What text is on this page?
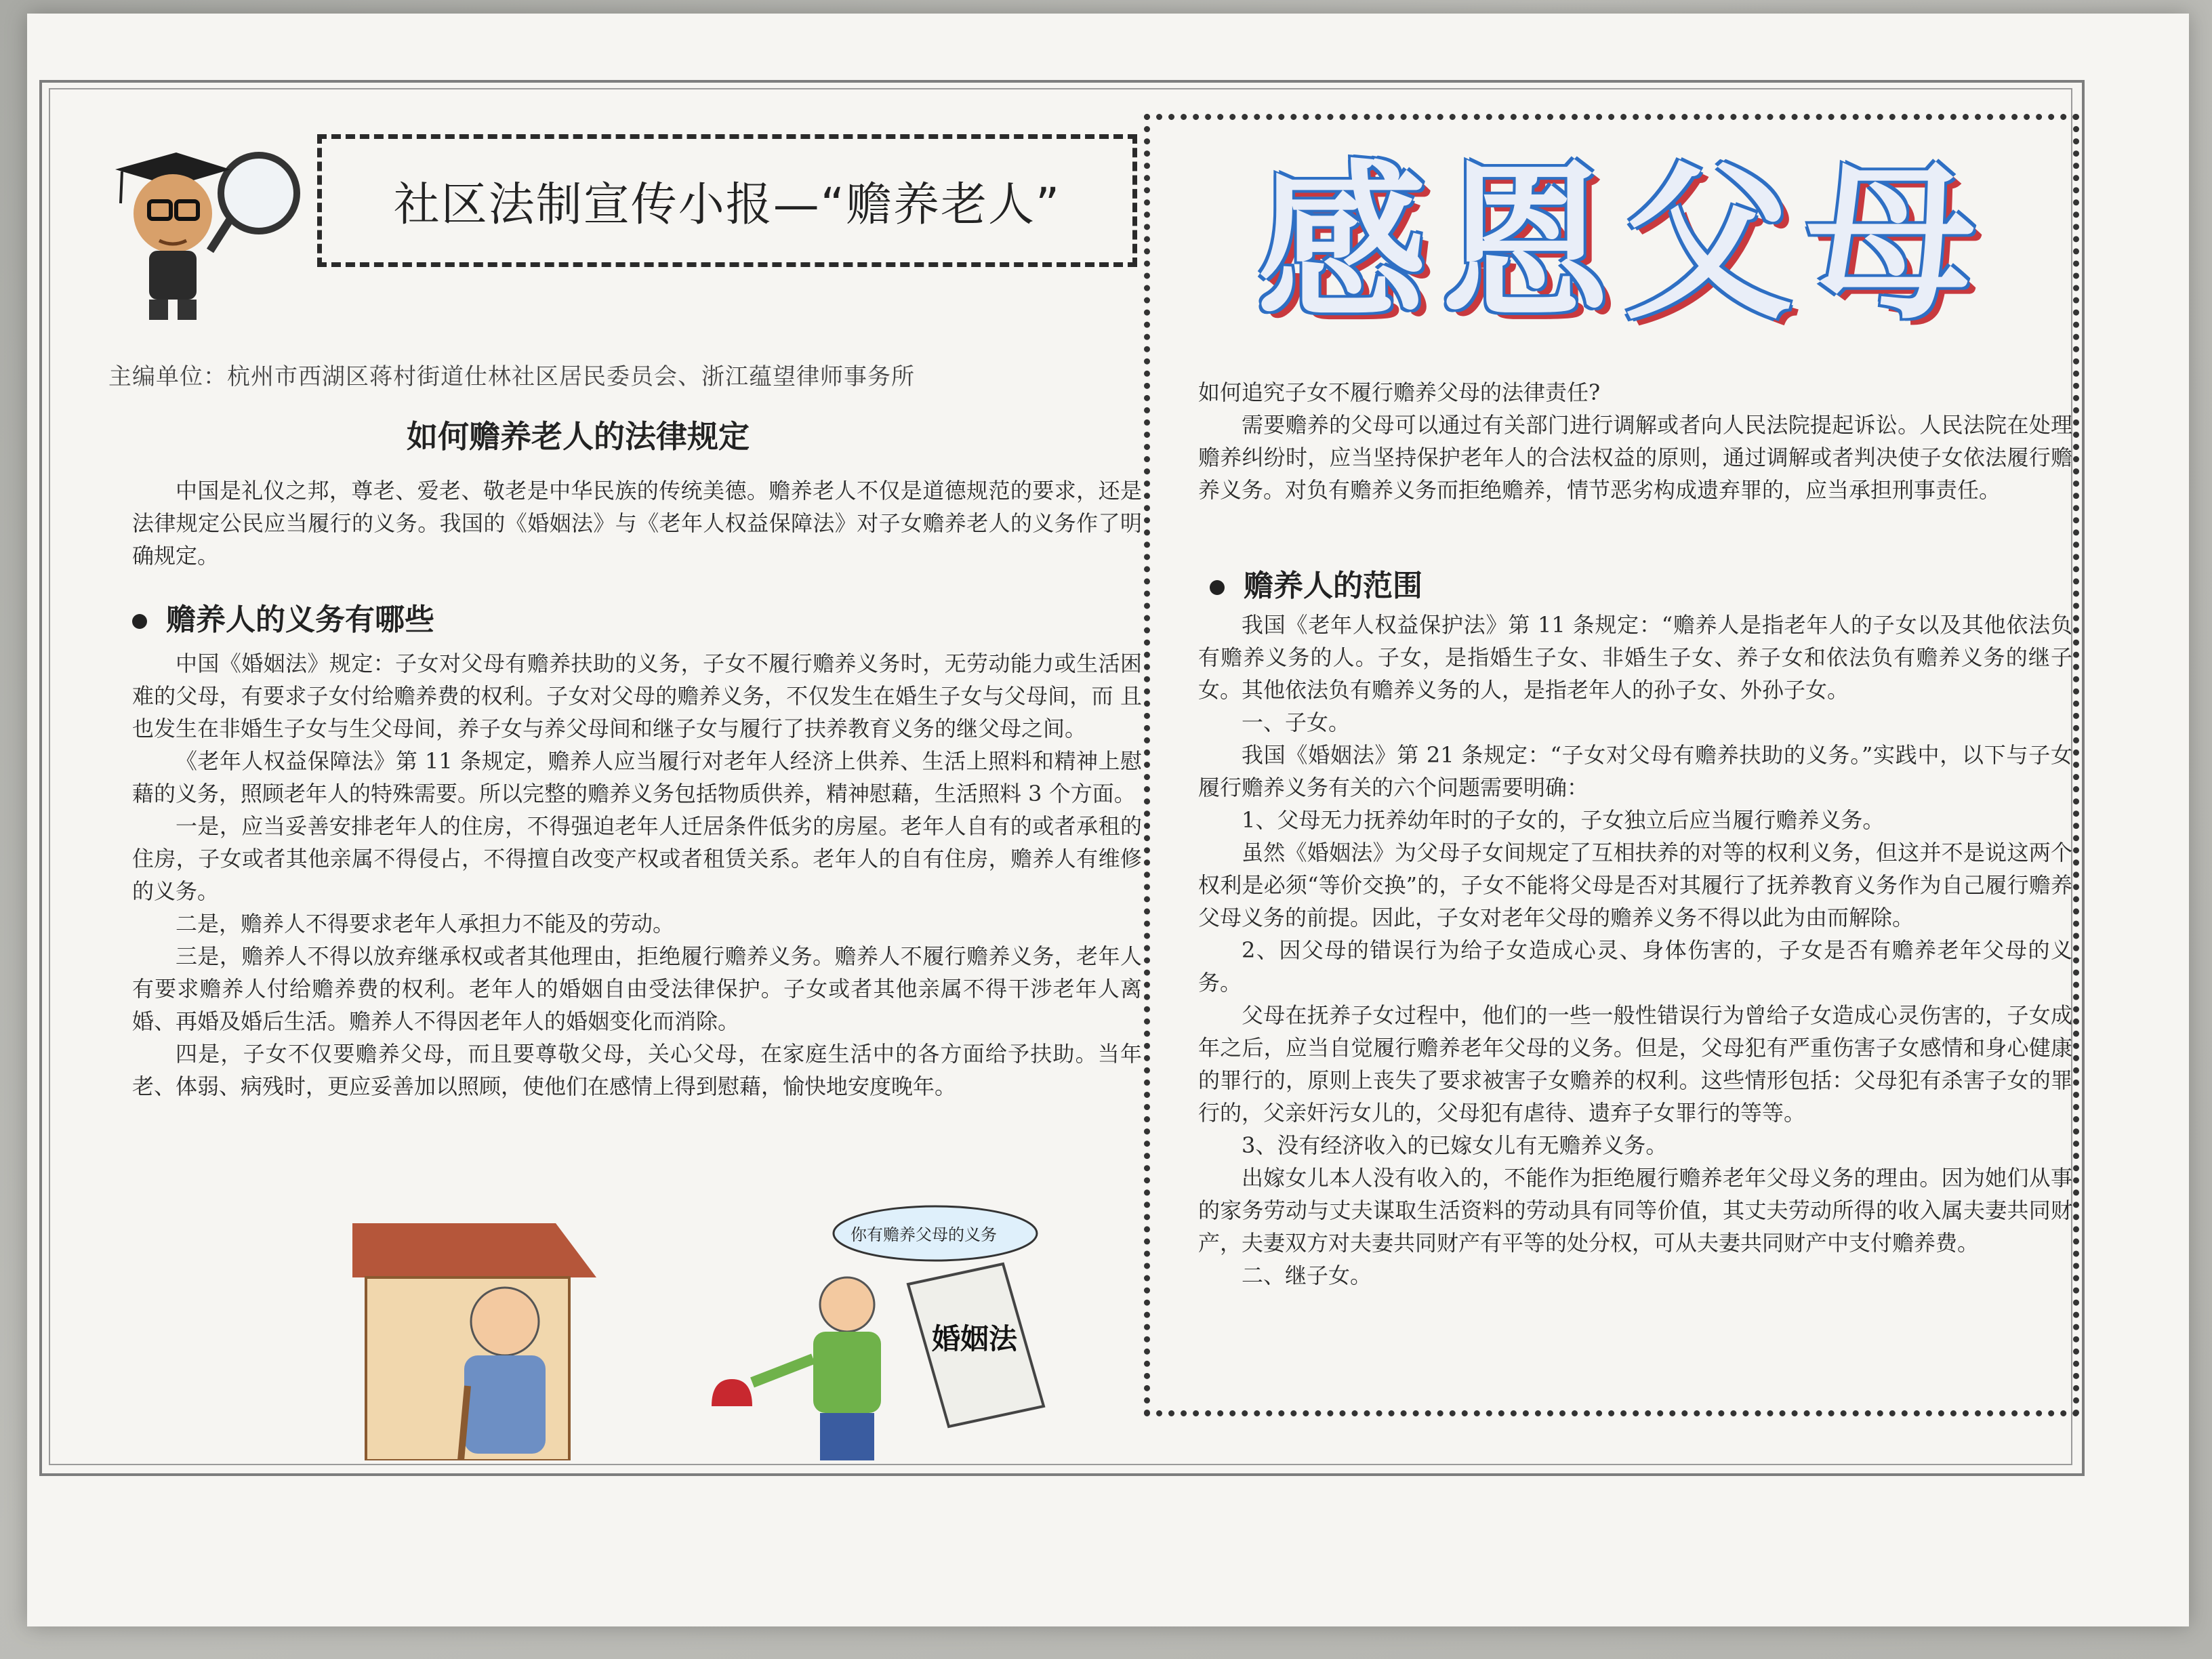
社区法制宣传小报—“赡养老人” 感恩父母
主编单位：杭州市西湖区蒋村街道仕林社区居民委员会、浙江蕴望律师事务所
如何赡养老人的法律规定

中国是礼仪之邦，尊老、爱老、敬老是中华民族的传统美德。赡养老人不仅是道德规范的要求，还是法律规定公民应当履行的义务。我国的《婚姻法》与《老年人权益保障法》对子女赡养老人的义务作了明确规定。

赡养人的义务有哪些

中国《婚姻法》规定：子女对父母有赡养扶助的义务，子女不履行赡养义务时，无劳动能力或生活困难的父母，有要求子女付给赡养费的权利。子女对父母的赡养义务，不仅发生在婚生子女与父母间，而 且也发生在非婚生子女与生父母间，养子女与养父母间和继子女与履行了扶养教育义务的继父母之间。

《老年人权益保障法》第 11 条规定，赡养人应当履行对老年人经济上供养、生活上照料和精神上慰藉的义务，照顾老年人的特殊需要。所以完整的赡养义务包括物质供养，精神慰藉，生活照料 3 个方面。

一是，应当妥善安排老年人的住房，不得强迫老年人迁居条件低劣的房屋。老年人自有的或者承租的住房，子女或者其他亲属不得侵占，不得擅自改变产权或者租赁关系。老年人的自有住房，赡养人有维修的义务。

二是，赡养人不得要求老年人承担力不能及的劳动。

三是，赡养人不得以放弃继承权或者其他理由，拒绝履行赡养义务。赡养人不履行赡养义务，老年人有要求赡养人付给赡养费的权利。老年人的婚姻自由受法律保护。子女或者其他亲属不得干涉老年人离婚、再婚及婚后生活。赡养人不得因老年人的婚姻变化而消除。

四是，子女不仅要赡养父母，而且要尊敬父母，关心父母，在家庭生活中的各方面给予扶助。当年老、体弱、病残时，更应妥善加以照顾，使他们在感情上得到慰藉，愉快地安度晚年。

婚姻法
你有赡养父母的义务

如何追究子女不履行赡养父母的法律责任?

需要赡养的父母可以通过有关部门进行调解或者向人民法院提起诉讼。人民法院在处理赡养纠纷时，应当坚持保护老年人的合法权益的原则，通过调解或者判决使子女依法履行赡养义务。对负有赡养义务而拒绝赡养，情节恶劣构成遗弃罪的，应当承担刑事责任。

赡养人的范围

我国《老年人权益保护法》第 11 条规定：“赡养人是指老年人的子女以及其他依法负有赡养义务的人。子女，是指婚生子女、非婚生子女、养子女和依法负有赡养义务的继子女。其他依法负有赡养义务的人，是指老年人的孙子女、外孙子女。

一、子女。

我国《婚姻法》第 21 条规定：“子女对父母有赡养扶助的义务。”实践中，以下与子女履行赡养义务有关的六个问题需要明确：

1、父母无力抚养幼年时的子女的，子女独立后应当履行赡养义务。

虽然《婚姻法》为父母子女间规定了互相扶养的对等的权利义务，但这并不是说这两个权利是必须“等价交换”的，子女不能将父母是否对其履行了抚养教育义务作为自己履行赡养父母义务的前提。因此，子女对老年父母的赡养义务不得以此为由而解除。

2、因父母的错误行为给子女造成心灵、身体伤害的，子女是否有赡养老年父母的义务。

父母在抚养子女过程中，他们的一些一般性错误行为曾给子女造成心灵伤害的，子女成年之后，应当自觉履行赡养老年父母的义务。但是，父母犯有严重伤害子女感情和身心健康的罪行的，原则上丧失了要求被害子女赡养的权利。这些情形包括：父母犯有杀害子女的罪行的，父亲奸污女儿的，父母犯有虐待、遗弃子女罪行的等等。

3、没有经济收入的已嫁女儿有无赡养义务。

出嫁女儿本人没有收入的，不能作为拒绝履行赡养老年父母义务的理由。因为她们从事的家务劳动与丈夫谋取生活资料的劳动具有同等价值，其丈夫劳动所得的收入属夫妻共同财产，夫妻双方对夫妻共同财产有平等的处分权，可从夫妻共同财产中支付赡养费。

二、继子女。
